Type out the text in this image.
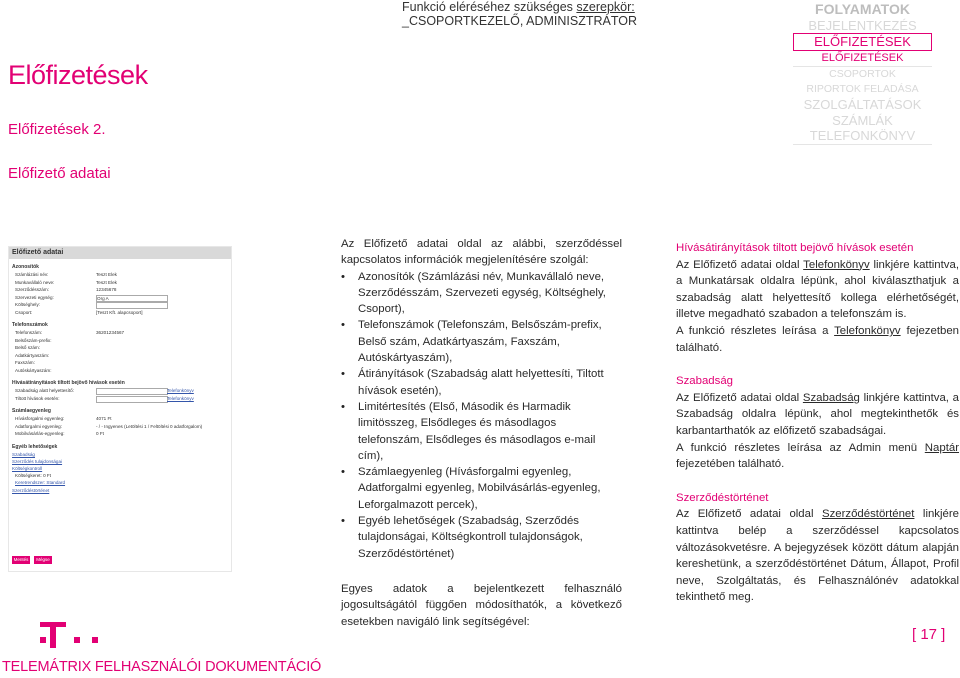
Előfizetések
Előfizetések 2.
Előfizető adatai
Funkció eléréséhez szükséges szerepkör:
_CSOPORTKEZELŐ, ADMINISZTRÁTOR
FOLYAMATOK
BEJELENTKEZÉS
ELŐFIZETÉSEK
ELŐFIZETÉSEK
CSOPORTOK
RIPORTOK FELADÁSA
SZOLGÁLTATÁSOK
SZÁMLÁK
TELEFONKÖNYV
Előfizető adatai
Azonosítók
Számlázási név:	Teszt Elek
Munkavállaló neve:	Teszt Elek
Szerződésszám:	12345678
Szervezeti egység:	Org A
Költséghely:
Csoport:	[Teszt Kft. alapcsoport]
Telefonszámok
Telefonszám:	36201234567
Belsőszám-prefix:
Belső szám:
Adatkártyaszám:
Faxszám:
Autóskártyaszám:
Hívásátirányítások tiltott bejövő hívások esetén
Szabadság alatt helyettesítő:	Telefonkönyv
Tiltott hívások esetén:	Telefonkönyv
Számlaegyenleg
Hívásforgalmi egyenleg:	4071 Ft
Adatforgalmi egyenleg:	- / - Ingyenes (Letöltési 1 / Feltöltési 0 adatforgalom)
Mobilvásárlás-egyenleg:	0 Ft
Egyéb lehetőségek
Szabadság
Szerződés tulajdonságai
Költségkontroll
Költségkeret: 0 Ft
Keretrendszer: Standard
Szerződéstörténet
Mentés	Mégse

Az Előfizető adatai oldal az alábbi, szerződéssel kapcsolatos információk megjelenítésére szolgál:

• Azonosítók (Számlázási név, Munkavállaló neve, Szerződésszám, Szervezeti egység, Költséghely, Csoport),
• Telefonszámok (Telefonszám, Belsőszám-prefix, Belső szám, Adatkártyaszám, Faxszám, Autóskártyaszám),
• Átirányítások (Szabadság alatt helyettesíti, Tiltott hívások esetén),
• Limitértesítés (Első, Második és Harmadik limitösszeg, Elsődleges és másodlagos telefonszám, Elsődleges és másodlagos e-mail cím),
• Számlaegyenleg (Hívásforgalmi egyenleg, Adatforgalmi egyenleg, Mobilvásárlás-egyenleg, Leforgalmazott percek),
• Egyéb lehetőségek (Szabadság, Szerződés tulajdonságai, Költségkontroll tulajdonságok, Szerződéstörténet)

Egyes adatok a bejelentkezett felhasználó jogosultságától függően módosíthatók, a következő esetekben navigáló link segítségével:

Hívásátirányítások tiltott bejövő hívások esetén

Az Előfizető adatai oldal Telefonkönyv linkjére kattintva, a Munkatársak oldalra lépünk, ahol kiválaszthatjuk a szabadság alatt helyettesítő kollega elérhetőségét, illetve megadható szabadon a telefonszám is.

A funkció részletes leírása a Telefonkönyv fejezetben található.

Szabadság

Az Előfizető adatai oldal Szabadság linkjére kattintva, a Szabadság oldalra lépünk, ahol megtekinthetők és karbantarthatók az előfizető szabadságai.

A funkció részletes leírása az Admin menü Naptár fejezetében található.

Szerződéstörténet

Az Előfizető adatai oldal Szerződéstörténet linkjére kattintva belép a szerződéssel kapcsolatos változásokvetésre. A bejegyzések között dátum alapján kereshetünk, a szerződéstörténet Dátum, Állapot, Profil neve, Szolgáltatás, és Felhasználónév adatokkal tekinthető meg.

TELEMÁTRIX FELHASZNÁLÓI DOKUMENTÁCIÓ
[ 17 ]
